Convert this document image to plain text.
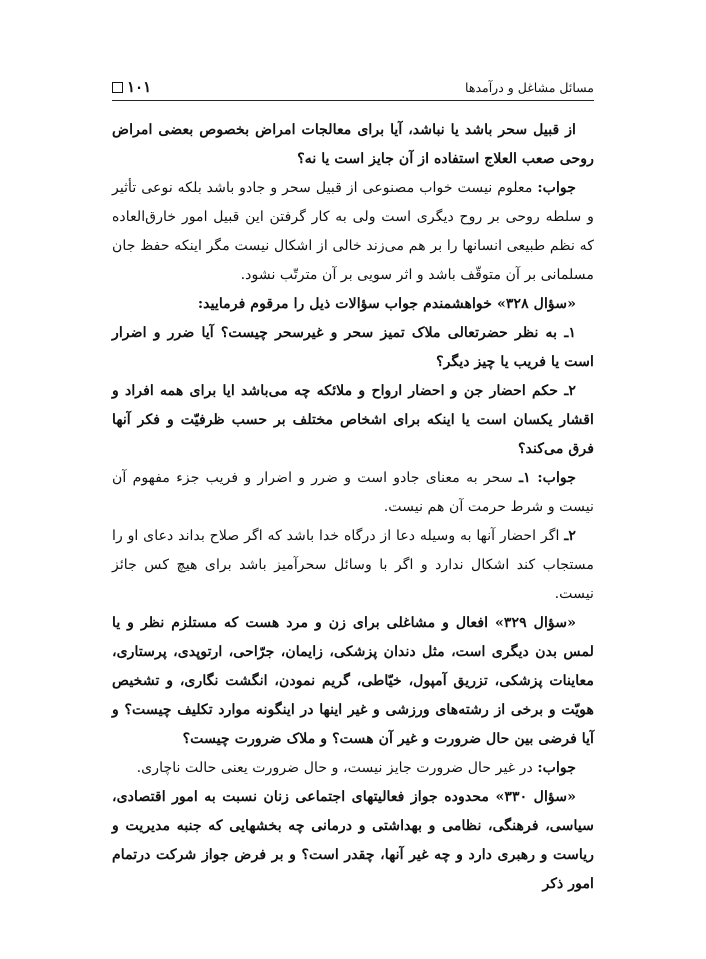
مسائل مشاغل و درآمدها
۱۰۱

از قبیل سحر باشد یا نباشد، آیا برای معالجات امراض بخصوص بعضی امراض روحی صعب العلاج استفاده از آن جایز است یا نه؟

جواب: معلوم نیست خواب مصنوعی از قبیل سحر و جادو باشد بلکه نوعی تأثیر و سلطه روحی بر روح دیگری است ولی به کار گرفتن این قبیل امور خارق‌العاده که نظم طبیعی انسانها را بر هم می‌زند خالی از اشکال نیست مگر اینکه حفظ جان مسلمانی بر آن متوقّف باشد و اثر سویی بر آن مترتّب نشود.

«سؤال ۳۲۸» خواهشمندم جواب سؤالات ذیل را مرقوم فرمایید:

۱ـ به نظر حضرتعالی ملاک تمیز سحر و غیرسحر چیست؟ آیا ضرر و اضرار است یا فریب یا چیز دیگر؟

۲ـ حکم احضار جن و احضار ارواح و ملائکه چه می‌باشد ایا برای همه افراد و اقشار یکسان است یا اینکه برای اشخاص مختلف بر حسب ظرفیّت و فکر آنها فرق می‌کند؟

جواب: ۱ـ سحر به معنای جادو است و ضرر و اضرار و فریب جزء مفهوم آن نیست و شرط حرمت آن هم نیست.

۲ـ اگر احضار آنها به وسیله دعا از درگاه خدا باشد که اگر صلاح بداند دعای او را مستجاب کند اشکال ندارد و اگر با وسائل سحرآمیز باشد برای هیچ کس جائز نیست.

«سؤال ۳۲۹» افعال و مشاغلی برای زن و مرد هست که مستلزم نظر و یا لمس بدن دیگری است، مثل دندان پزشکی، زایمان، جرّاحی، ارتوپدی، پرستاری، معاینات پزشکی، تزریق آمپول، خیّاطی، گریم نمودن، انگشت نگاری، و تشخیص هویّت و برخی از رشته‌های ورزشی و غیر اینها در اینگونه موارد تکلیف چیست؟ و آیا فرضی بین حال ضرورت و غیر آن هست؟ و ملاک ضرورت چیست؟

جواب: در غیر حال ضرورت جایز نیست، و حال ضرورت یعنی حالت ناچاری.

«سؤال ۳۳۰» محدوده جواز فعالیتهای اجتماعی زنان نسبت به امور اقتصادی، سیاسی، فرهنگی، نظامی و بهداشتی و درمانی چه بخشهایی که جنبه مدیریت و ریاست و رهبری دارد و چه غیر آنها، چقدر است؟ و بر فرض جواز شرکت درتمام امور ذکر
